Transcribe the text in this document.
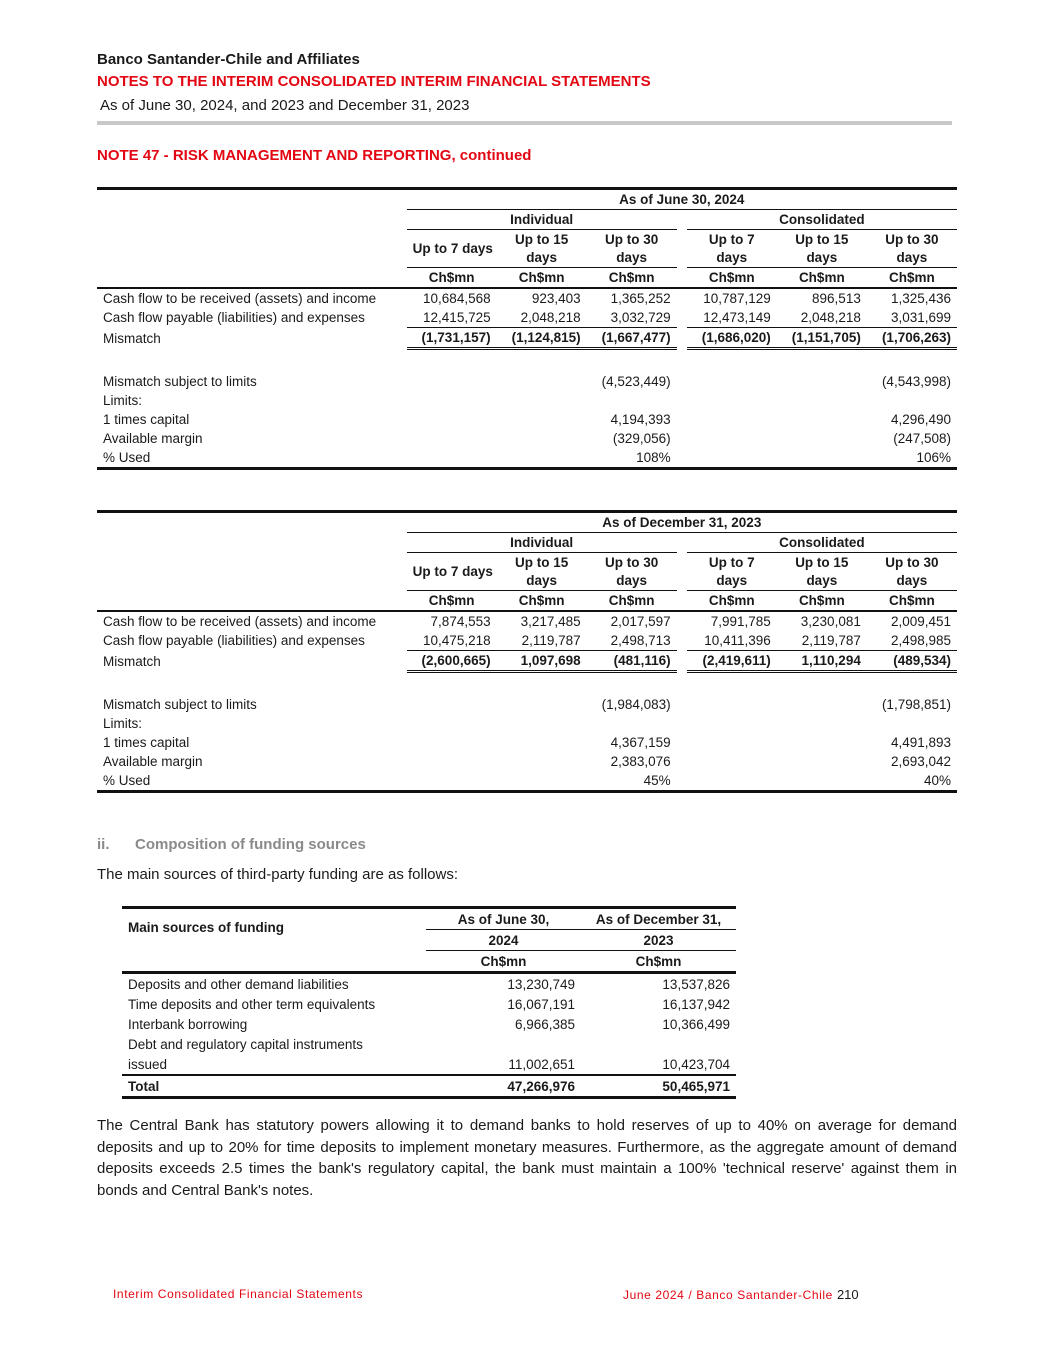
Banco Santander-Chile and Affiliates
NOTES TO THE INTERIM CONSOLIDATED INTERIM FINANCIAL STATEMENTS
As of June 30, 2024, and 2023 and December 31, 2023
NOTE 47 - RISK MANAGEMENT AND REPORTING, continued
	As of June 30, 2024						
	Individual				Consolidated		
	Up to 7 days	Up to 15 days	Up to 30 days		Up to 7 days	Up to 15 days	Up to 30 days
	Ch$mn	Ch$mn	Ch$mn		Ch$mn	Ch$mn	Ch$mn
Cash flow to be received (assets) and income	10,684,568	923,403	1,365,252		10,787,129	896,513	1,325,436
Cash flow payable (liabilities) and expenses	12,415,725	2,048,218	3,032,729		12,473,149	2,048,218	3,031,699
Mismatch	(1,731,157)	(1,124,815)	(1,667,477)		(1,686,020)	(1,151,705)	(1,706,263)

Mismatch subject to limits			(4,523,449)				(4,543,998)
Limits:							
1 times capital			4,194,393				4,296,490
Available margin			(329,056)				(247,508)
% Used			108%				106%
	As of December 31, 2023						
	Individual				Consolidated		
	Up to 7 days	Up to 15 days	Up to 30 days		Up to 7 days	Up to 15 days	Up to 30 days
	Ch$mn	Ch$mn	Ch$mn		Ch$mn	Ch$mn	Ch$mn
Cash flow to be received (assets) and income	7,874,553	3,217,485	2,017,597		7,991,785	3,230,081	2,009,451
Cash flow payable (liabilities) and expenses	10,475,218	2,119,787	2,498,713		10,411,396	2,119,787	2,498,985
Mismatch	(2,600,665)	1,097,698	(481,116)		(2,419,611)	1,110,294	(489,534)

Mismatch subject to limits			(1,984,083)				(1,798,851)
Limits:							
1 times capital			4,367,159				4,491,893
Available margin			2,383,076				2,693,042
% Used			45%				40%
ii. Composition of funding sources
The main sources of third-party funding are as follows:
	As of June 30,	As of December 31,
Main sources of funding	2024	2023
	Ch$mn	Ch$mn
Deposits and other demand liabilities	13,230,749	13,537,826
Time deposits and other term equivalents	16,067,191	16,137,942
Interbank borrowing	6,966,385	10,366,499
Debt and regulatory capital instruments		
issued	11,002,651	10,423,704
Total	47,266,976	50,465,971
The Central Bank has statutory powers allowing it to demand banks to hold reserves of up to 40% on average for demand deposits and up to 20% for time deposits to implement monetary measures. Furthermore, as the aggregate amount of demand deposits exceeds 2.5 times the bank's regulatory capital, the bank must maintain a 100% 'technical reserve' against them in bonds and Central Bank's notes.
Interim Consolidated Financial Statements	June 2024 / Banco Santander-Chile 210
